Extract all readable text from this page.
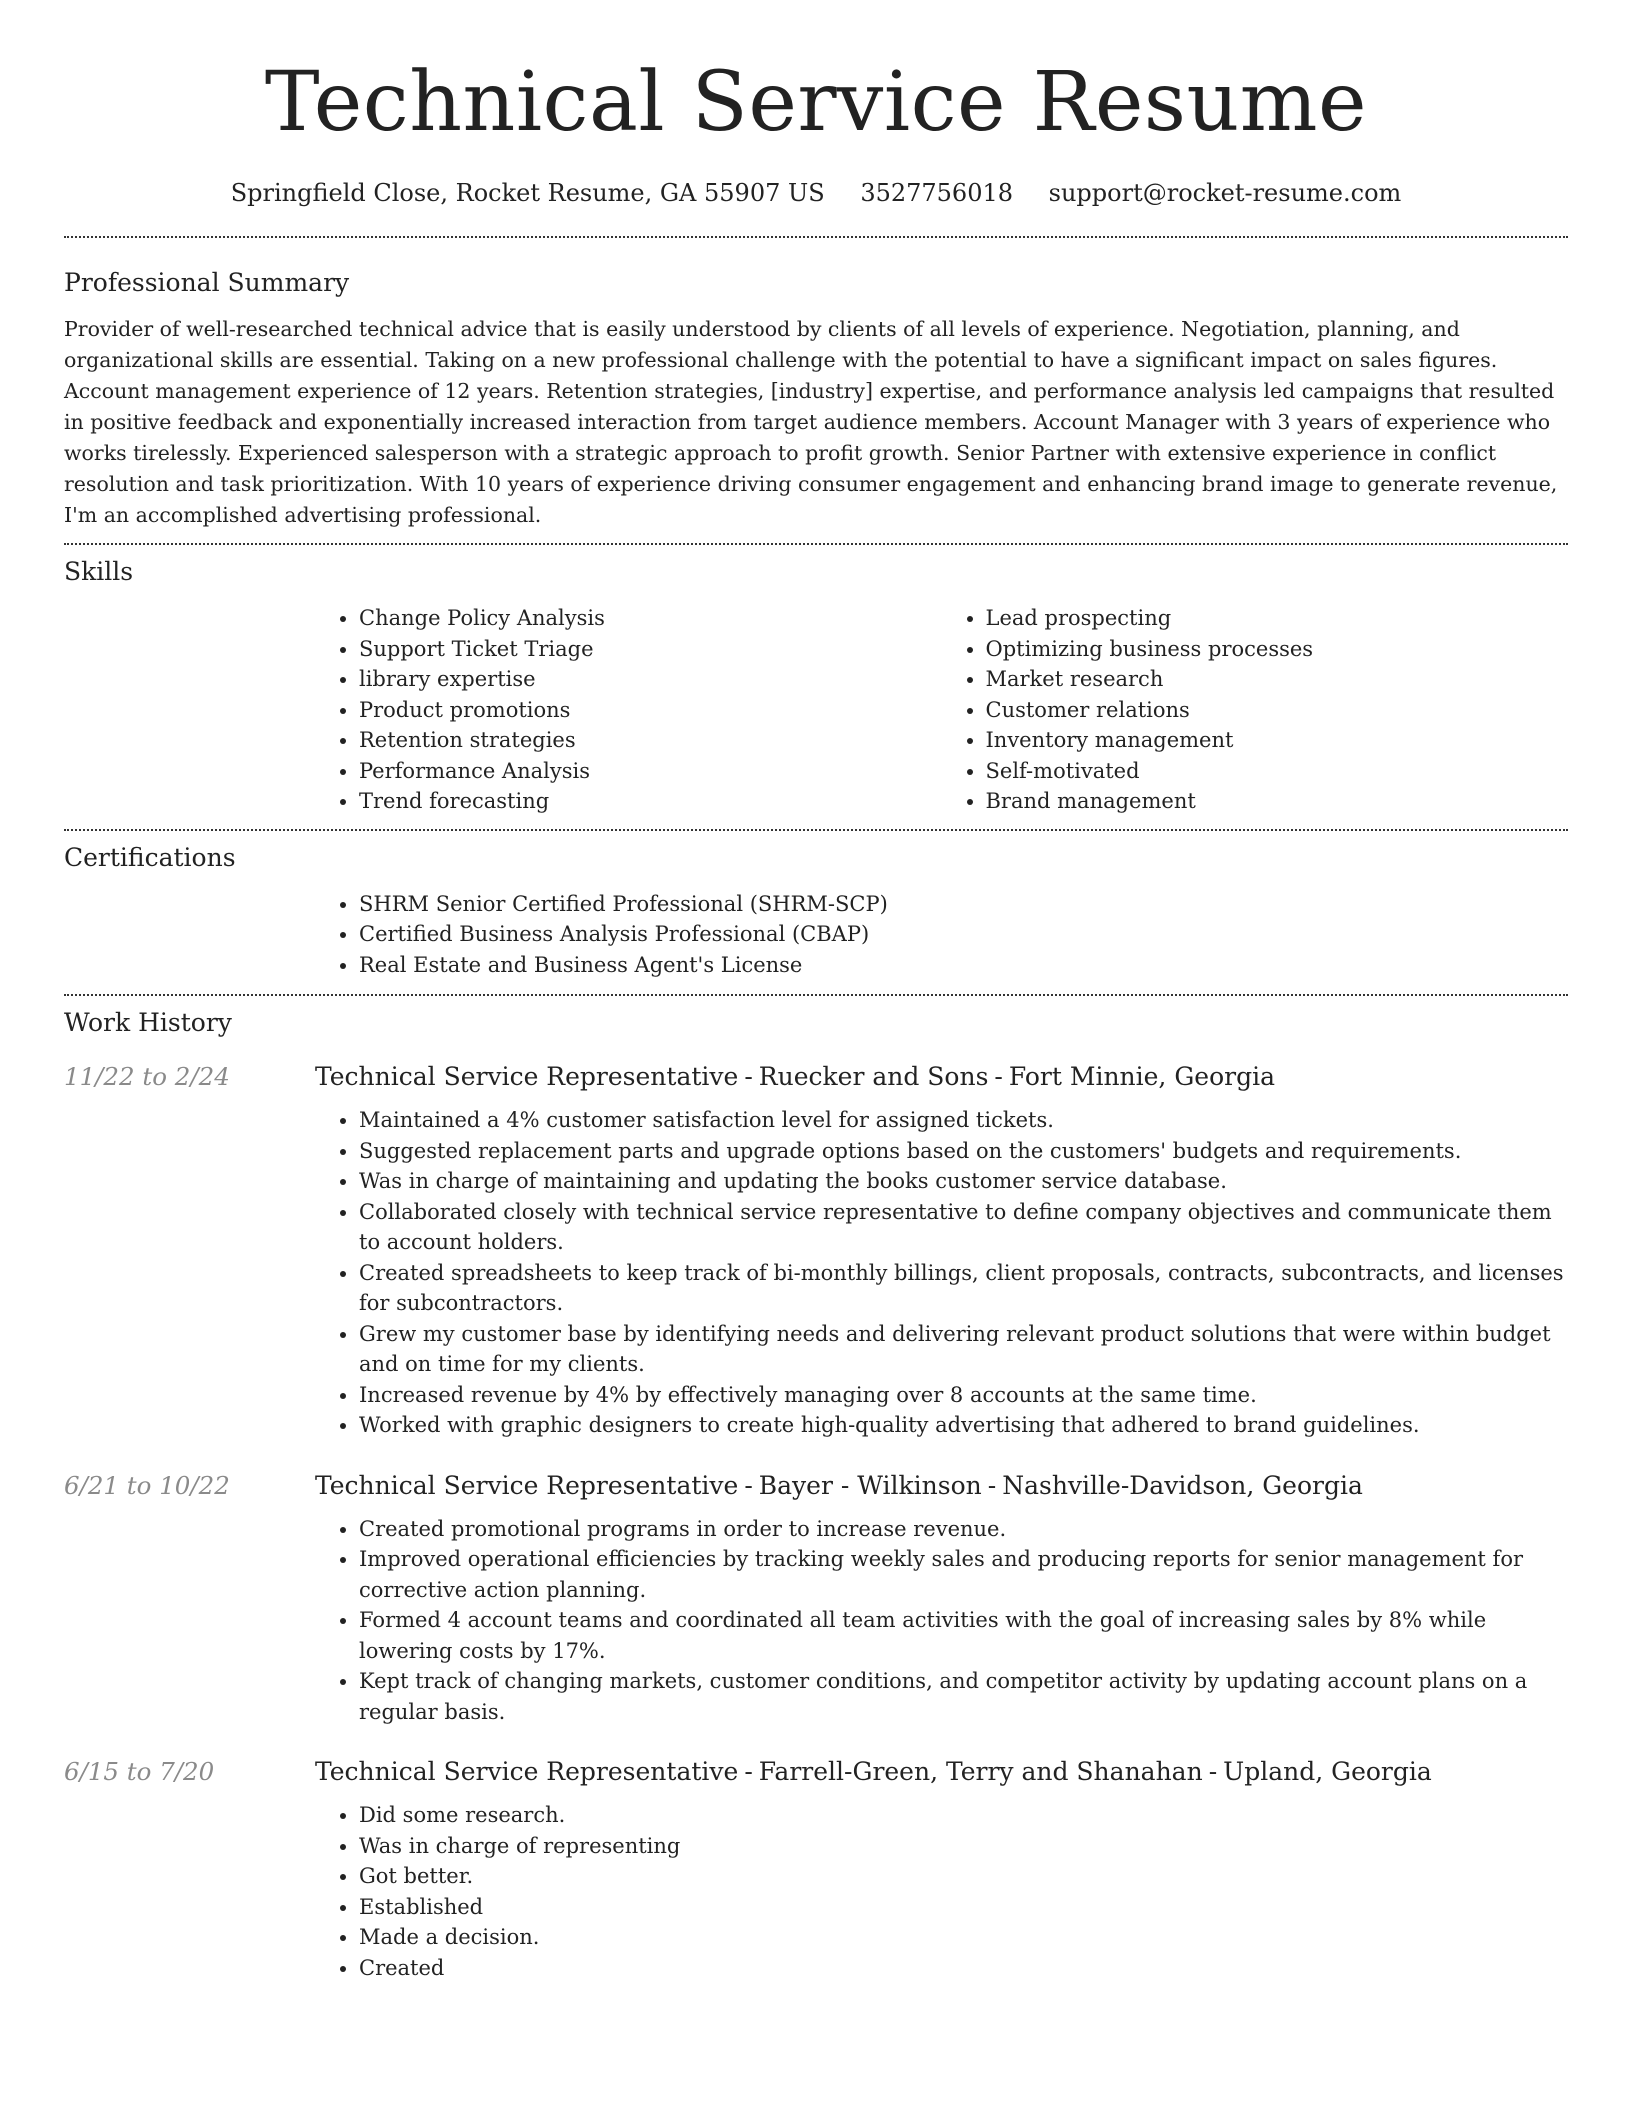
Technical Service Resume
Springfield Close, Rocket Resume, GA 55907 US 3527756018 support@rocket-resume.com
Professional Summary

Provider of well-researched technical advice that is easily understood by clients of all levels of experience. Negotiation, planning, and organizational skills are essential. Taking on a new professional challenge with the potential to have a significant impact on sales figures. Account management experience of 12 years. Retention strategies, [industry] expertise, and performance analysis led campaigns that resulted in positive feedback and exponentially increased interaction from target audience members. Account Manager with 3 years of experience who works tirelessly. Experienced salesperson with a strategic approach to profit growth. Senior Partner with extensive experience in conflict resolution and task prioritization. With 10 years of experience driving consumer engagement and enhancing brand image to generate revenue, I'm an accomplished advertising professional.

Skills
• Change Policy Analysis
• Support Ticket Triage
• library expertise
• Product promotions
• Retention strategies
• Performance Analysis
• Trend forecasting
• Lead prospecting
• Optimizing business processes
• Market research
• Customer relations
• Inventory management
• Self-motivated
• Brand management
Certifications
• SHRM Senior Certified Professional (SHRM-SCP)
• Certified Business Analysis Professional (CBAP)
• Real Estate and Business Agent's License
Work History
11/22 to 2/24	Technical Service Representative - Ruecker and Sons - Fort Minnie, Georgia
• Maintained a 4% customer satisfaction level for assigned tickets.
• Suggested replacement parts and upgrade options based on the customers' budgets and requirements.
• Was in charge of maintaining and updating the books customer service database.
• Collaborated closely with technical service representative to define company objectives and communicate them to account holders.
• Created spreadsheets to keep track of bi-monthly billings, client proposals, contracts, subcontracts, and licenses for subcontractors.
• Grew my customer base by identifying needs and delivering relevant product solutions that were within budget and on time for my clients.
• Increased revenue by 4% by effectively managing over 8 accounts at the same time.
• Worked with graphic designers to create high-quality advertising that adhered to brand guidelines.
6/21 to 10/22	Technical Service Representative - Bayer - Wilkinson - Nashville-Davidson, Georgia
• Created promotional programs in order to increase revenue.
• Improved operational efficiencies by tracking weekly sales and producing reports for senior management for corrective action planning.
• Formed 4 account teams and coordinated all team activities with the goal of increasing sales by 8% while lowering costs by 17%.
• Kept track of changing markets, customer conditions, and competitor activity by updating account plans on a regular basis.
6/15 to 7/20	Technical Service Representative - Farrell-Green, Terry and Shanahan - Upland, Georgia
• Did some research.
• Was in charge of representing
• Got better.
• Established
• Made a decision.
• Created
